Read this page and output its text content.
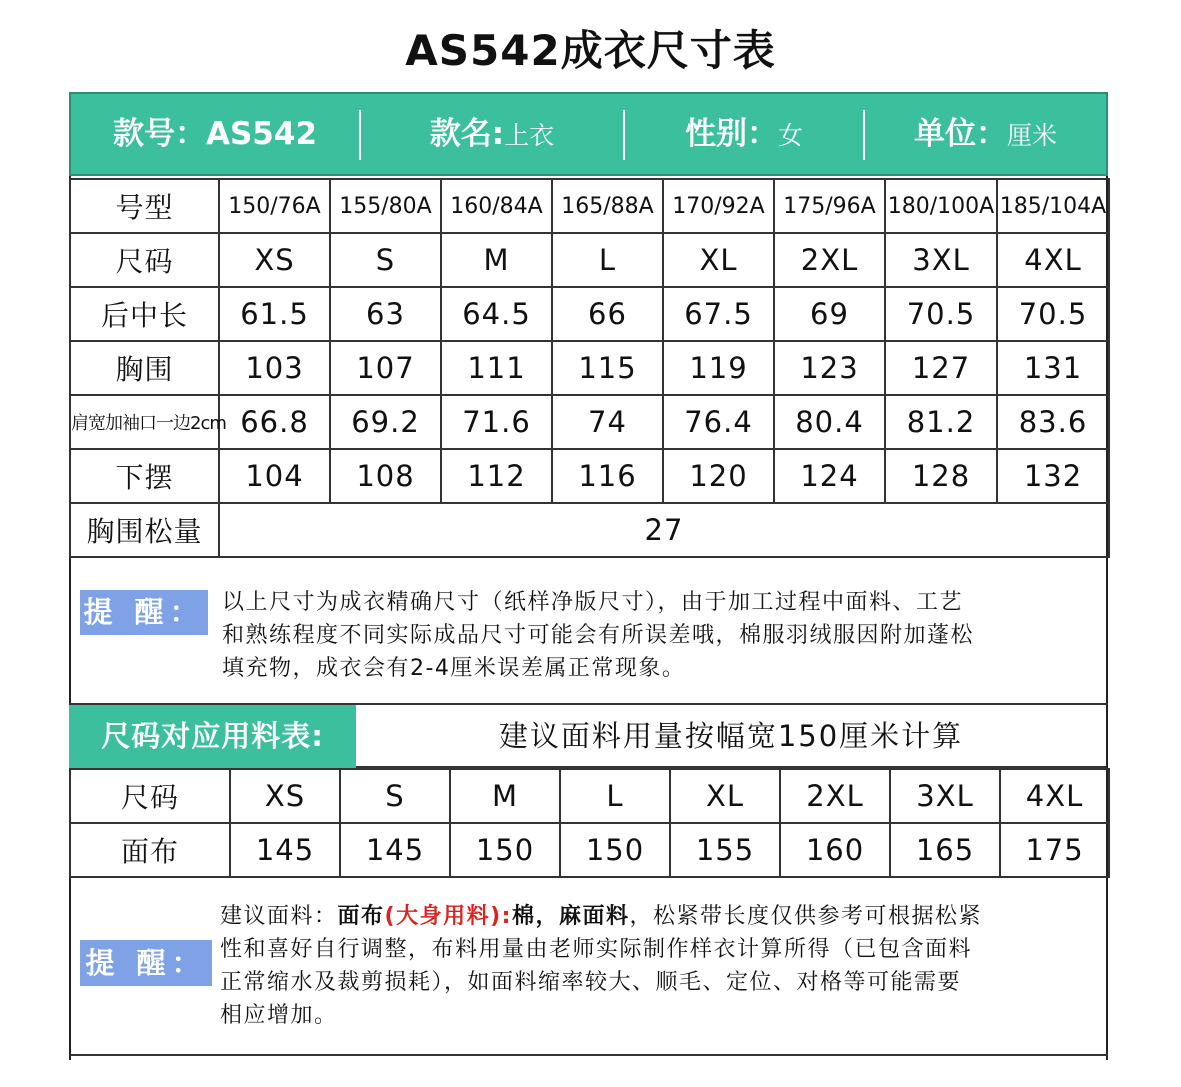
AS542成衣尺寸表
款号：AS542	款名:上衣	性别：女	单位：厘米
号型	150/76A	155/80A	160/84A	165/88A	170/92A	175/96A	180/100A	185/104A
尺码	XS	S	M	L	XL	2XL	3XL	4XL
后中长	61.5	63	64.5	66	67.5	69	70.5	70.5
胸围	103	107	111	115	119	123	127	131
肩宽加袖口一边2cm	66.8	69.2	71.6	74	76.4	80.4	81.2	83.6
下摆	104	108	112	116	120	124	128	132
胸围松量	27							
提 醒： 以上尺寸为成衣精确尺寸（纸样净版尺寸），由于加工过程中面料、工艺
和熟练程度不同实际成品尺寸可能会有所误差哦，棉服羽绒服因附加蓬松
填充物，成衣会有2-4厘米误差属正常现象。
尺码对应用料表:	建议面料用量按幅宽150厘米计算
尺码	XS	S	M	L	XL	2XL	3XL	4XL
面布	145	145	150	150	155	160	165	175
提 醒：
建议面料：面布(大身用料):棉，麻面料，松紧带长度仅供参考可根据松紧
性和喜好自行调整，布料用量由老师实际制作样衣计算所得（已包含面料
正常缩水及裁剪损耗），如面料缩率较大、顺毛、定位、对格等可能需要
相应增加。
